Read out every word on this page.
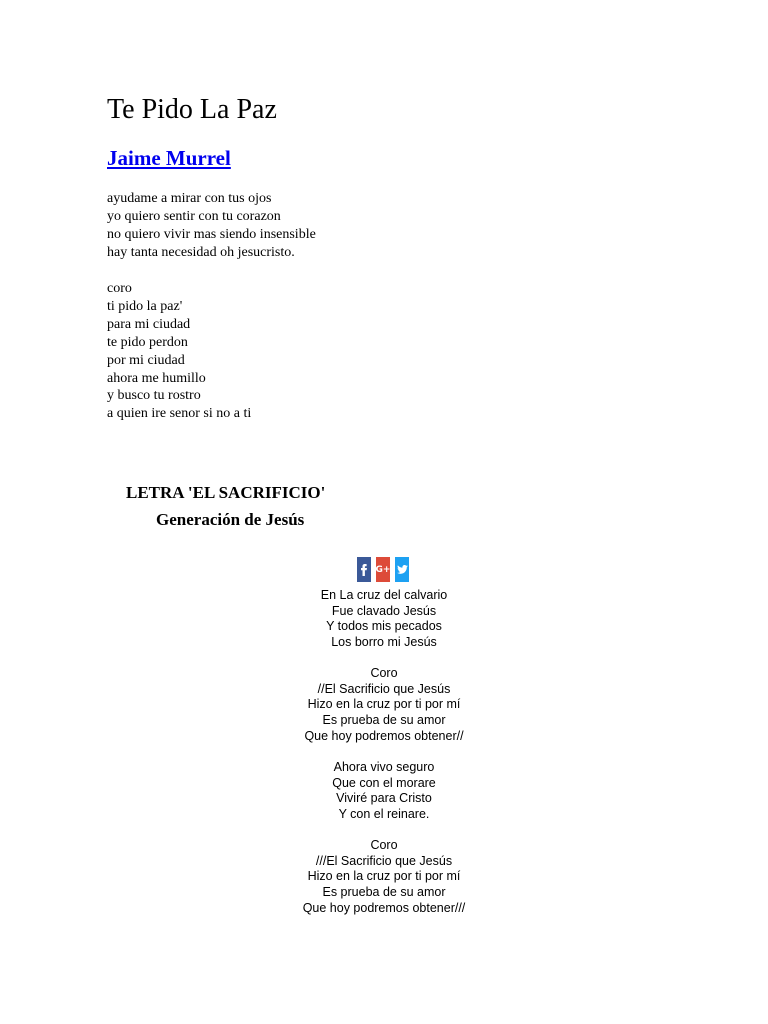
Te Pido La Paz
Jaime Murrel
ayudame a mirar con tus ojos
yo quiero sentir con tu corazon
no quiero vivir mas siendo insensible
hay tanta necesidad oh jesucristo.
coro
ti pido la paz'
para mi ciudad
te pido perdon
por mi ciudad
ahora me humillo
y busco tu rostro
a quien ire senor si no a ti
LETRA 'EL SACRIFICIO'
Generación de Jesús
G+
En La cruz del calvario
Fue clavado Jesús
Y todos mis pecados
Los borro mi Jesús
Coro
//El Sacrificio que Jesús
Hizo en la cruz por ti por mí
Es prueba de su amor
Que hoy podremos obtener//
Ahora vivo seguro
Que con el morare
Viviré para Cristo
Y con el reinare.
Coro
///El Sacrificio que Jesús
Hizo en la cruz por ti por mí
Es prueba de su amor
Que hoy podremos obtener///
